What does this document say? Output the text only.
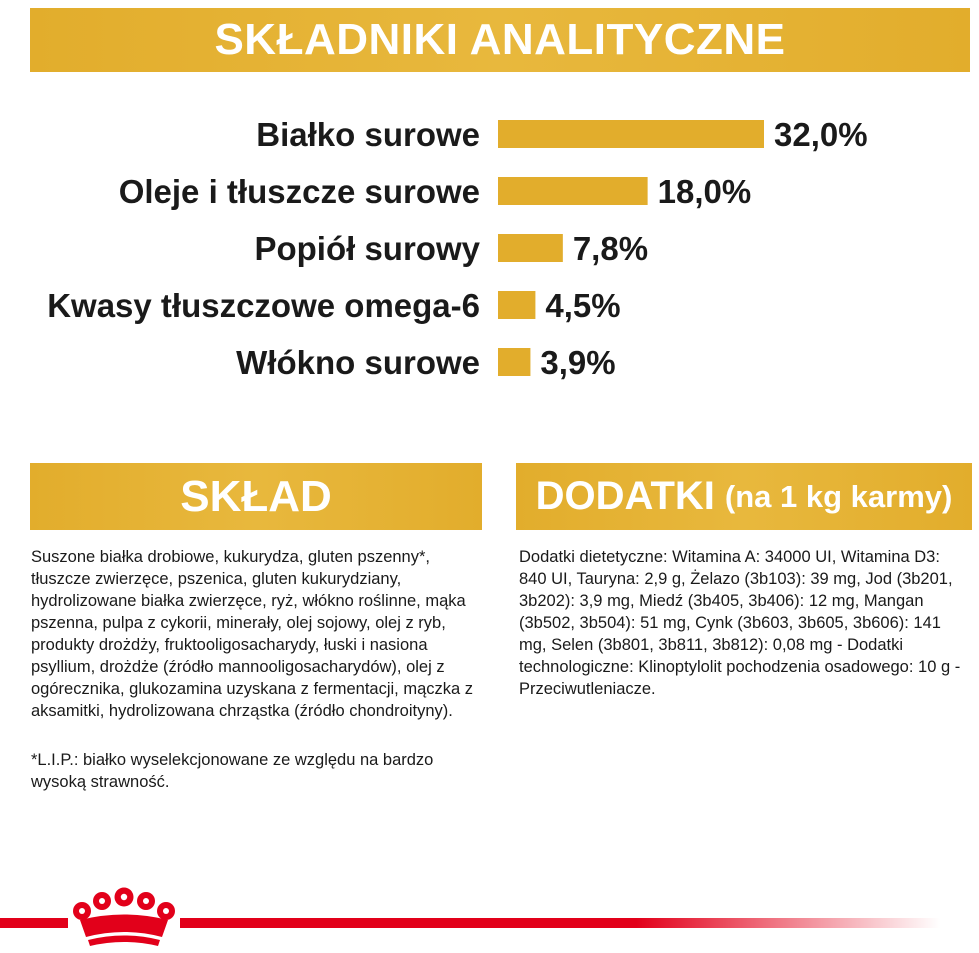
SKŁADNIKI ANALITYCZNE
Białko surowe	32,0%
Oleje i tłuszcze surowe	18,0%
Popiół surowy	7,8%
Kwasy tłuszczowe omega-6 4,5%
Włókno surowe 3,9%
SKŁAD
Suszone białka drobiowe, kukurydza, gluten pszenny*, tłuszcze zwierzęce, pszenica, gluten kukurydziany, hydrolizowane białka zwierzęce, ryż, włókno roślinne, mąka pszenna, pulpa z cykorii, minerały, olej sojowy, olej z ryb, produkty drożdży, fruktooligosacharydy, łuski i nasiona psyllium, drożdże (źródło mannooligosacharydów), olej z ogórecznika, glukozamina uzyskana z fermentacji, mączka z aksamitki, hydrolizowana chrząstka (źródło chondroityny).
*L.I.P.: białko wyselekcjonowane ze względu na bardzo wysoką strawność.
DODATKI (na 1 kg karmy)
Dodatki dietetyczne: Witamina A: 34000 UI, Witamina D3: 840 UI, Tauryna: 2,9 g, Żelazo (3b103): 39 mg, Jod (3b201, 3b202): 3,9 mg, Miedź (3b405, 3b406): 12 mg, Mangan (3b502, 3b504): 51 mg, Cynk (3b603, 3b605, 3b606): 141 mg, Selen (3b801, 3b811, 3b812): 0,08 mg - Dodatki technologiczne: Klinoptylolit pochodzenia osadowego: 10 g - Przeciwutleniacze.
